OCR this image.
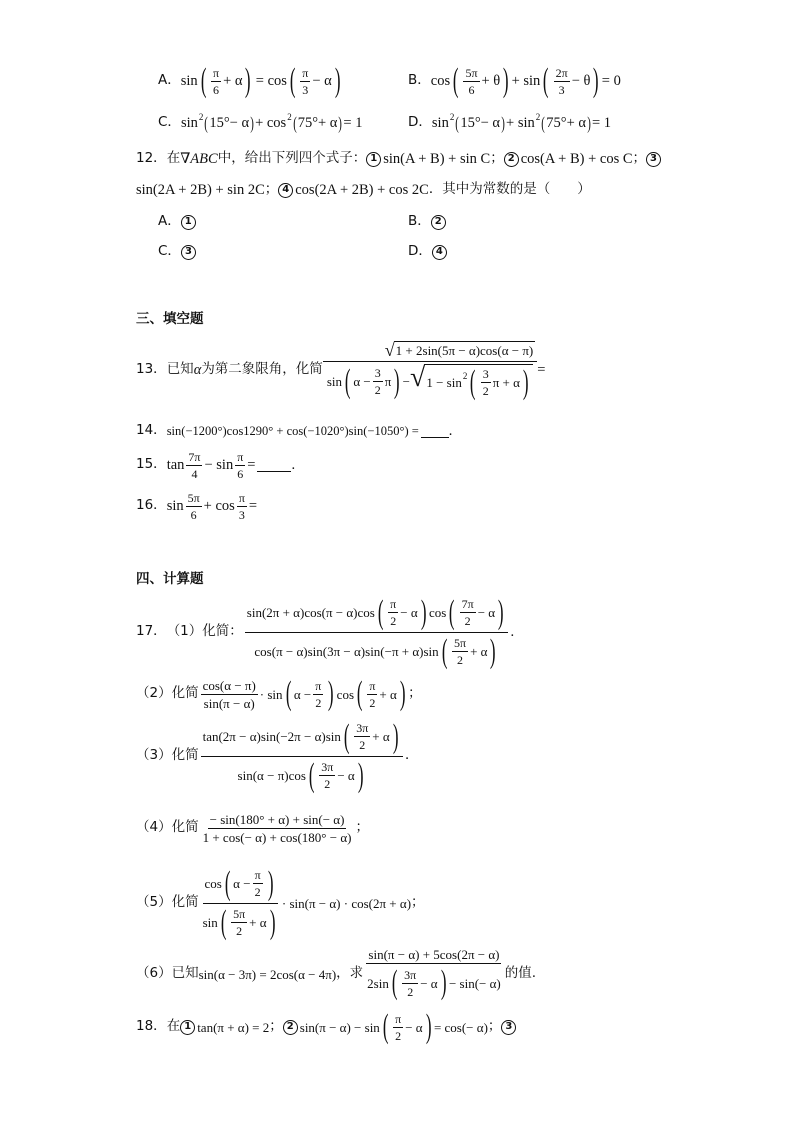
A． sin ( $\frac{\pi}{6} + \alpha$ ) = cos ( $\frac{\pi}{3} - \alpha$ )	B． cos ( $\frac{5\pi}{6} + \theta$ ) + sin ( $\frac{2\pi}{3} - \theta$ ) = 0
C． sin 2 ( 15°− α ) + cos 2 ( 75°+ α ) = 1	D． sin 2 ( 15°− α ) + sin 2 ( 75°+ α ) = 1
12． 在 ∇ABC 中，给出下列四个式子： 1 sin(A + B) + sin C ； 2 cos(A + B) + cos C ； 3
sin(2A + 2B) + sin 2C ； 4 cos(2A + 2B) + cos 2C ．其中为常数的是（　　）
A． 1	B． 2
C． 3	D． 4
三、填空题
13． 已知 α 为第二象限角，化简
√ 1 + 2sin(5π − α)cos(α − π)
sin ( $\alpha - \frac{3}{2}$ π ) − √ 1 − sin 2 ( $\frac{3}{2}$ π + α ) =
14． sin(−1200°)cos1290° + cos(−1020°)sin(−1050°) = .
15． $\tan \frac{7\pi}{4} - \sin \frac{\pi}{6}$ = .
16． $\sin \frac{5\pi}{6} + \cos \frac{\pi}{3}$ =
四、计算题
17． （1）化简：
sin(2π + α)cos(π − α)cos ( $\frac{\pi}{2} - \alpha$ ) cos ( $\frac{7\pi}{2} - \alpha$ )
cos(π − α)sin(3π − α)sin(−π + α)sin ( $\frac{5\pi}{2} + \alpha$ )
.
（2）化简 $\frac{\cos(\alpha - \pi)}{\sin(\pi - \alpha)} \cdot \sin$ ( $\alpha - \frac{\pi}{2}$ ) cos ( $\frac{\pi}{2} + \alpha$ ) ；
（3）化简 $\frac{\tan(2\pi - \alpha)\sin(-2\pi - \alpha)\sin ( \frac{3\pi}{2} + \alpha )}{\sin(\alpha - \pi)\cos ( \frac{3\pi}{2} - \alpha )}$ ．
（4）化简 $\frac{- \sin(180^\circ + \alpha) + \sin(- \alpha)}{1 + \cos(- \alpha) + \cos(180^\circ - \alpha)}$ ；
（5）化简 $\frac{\cos ( \alpha - \frac{\pi}{2} )}{\sin ( \frac{5\pi}{2} + \alpha )} \cdot \sin(\pi - \alpha) \cdot \cos(2\pi + \alpha)$ ；
（6）已知 sin(α − 3π) = 2cos(α − 4π) ，求 $\frac{\sin(\pi - \alpha) + 5\cos(2\pi - \alpha)}{2\sin ( \frac{3\pi}{2} - \alpha ) - \sin(- \alpha)}$ 的值.
18． 在 1 tan(π + α) = 2 ； 2 sin(π − α) − sin ( $\frac{\pi}{2} - \alpha$ ) = cos(− α) ； 3
